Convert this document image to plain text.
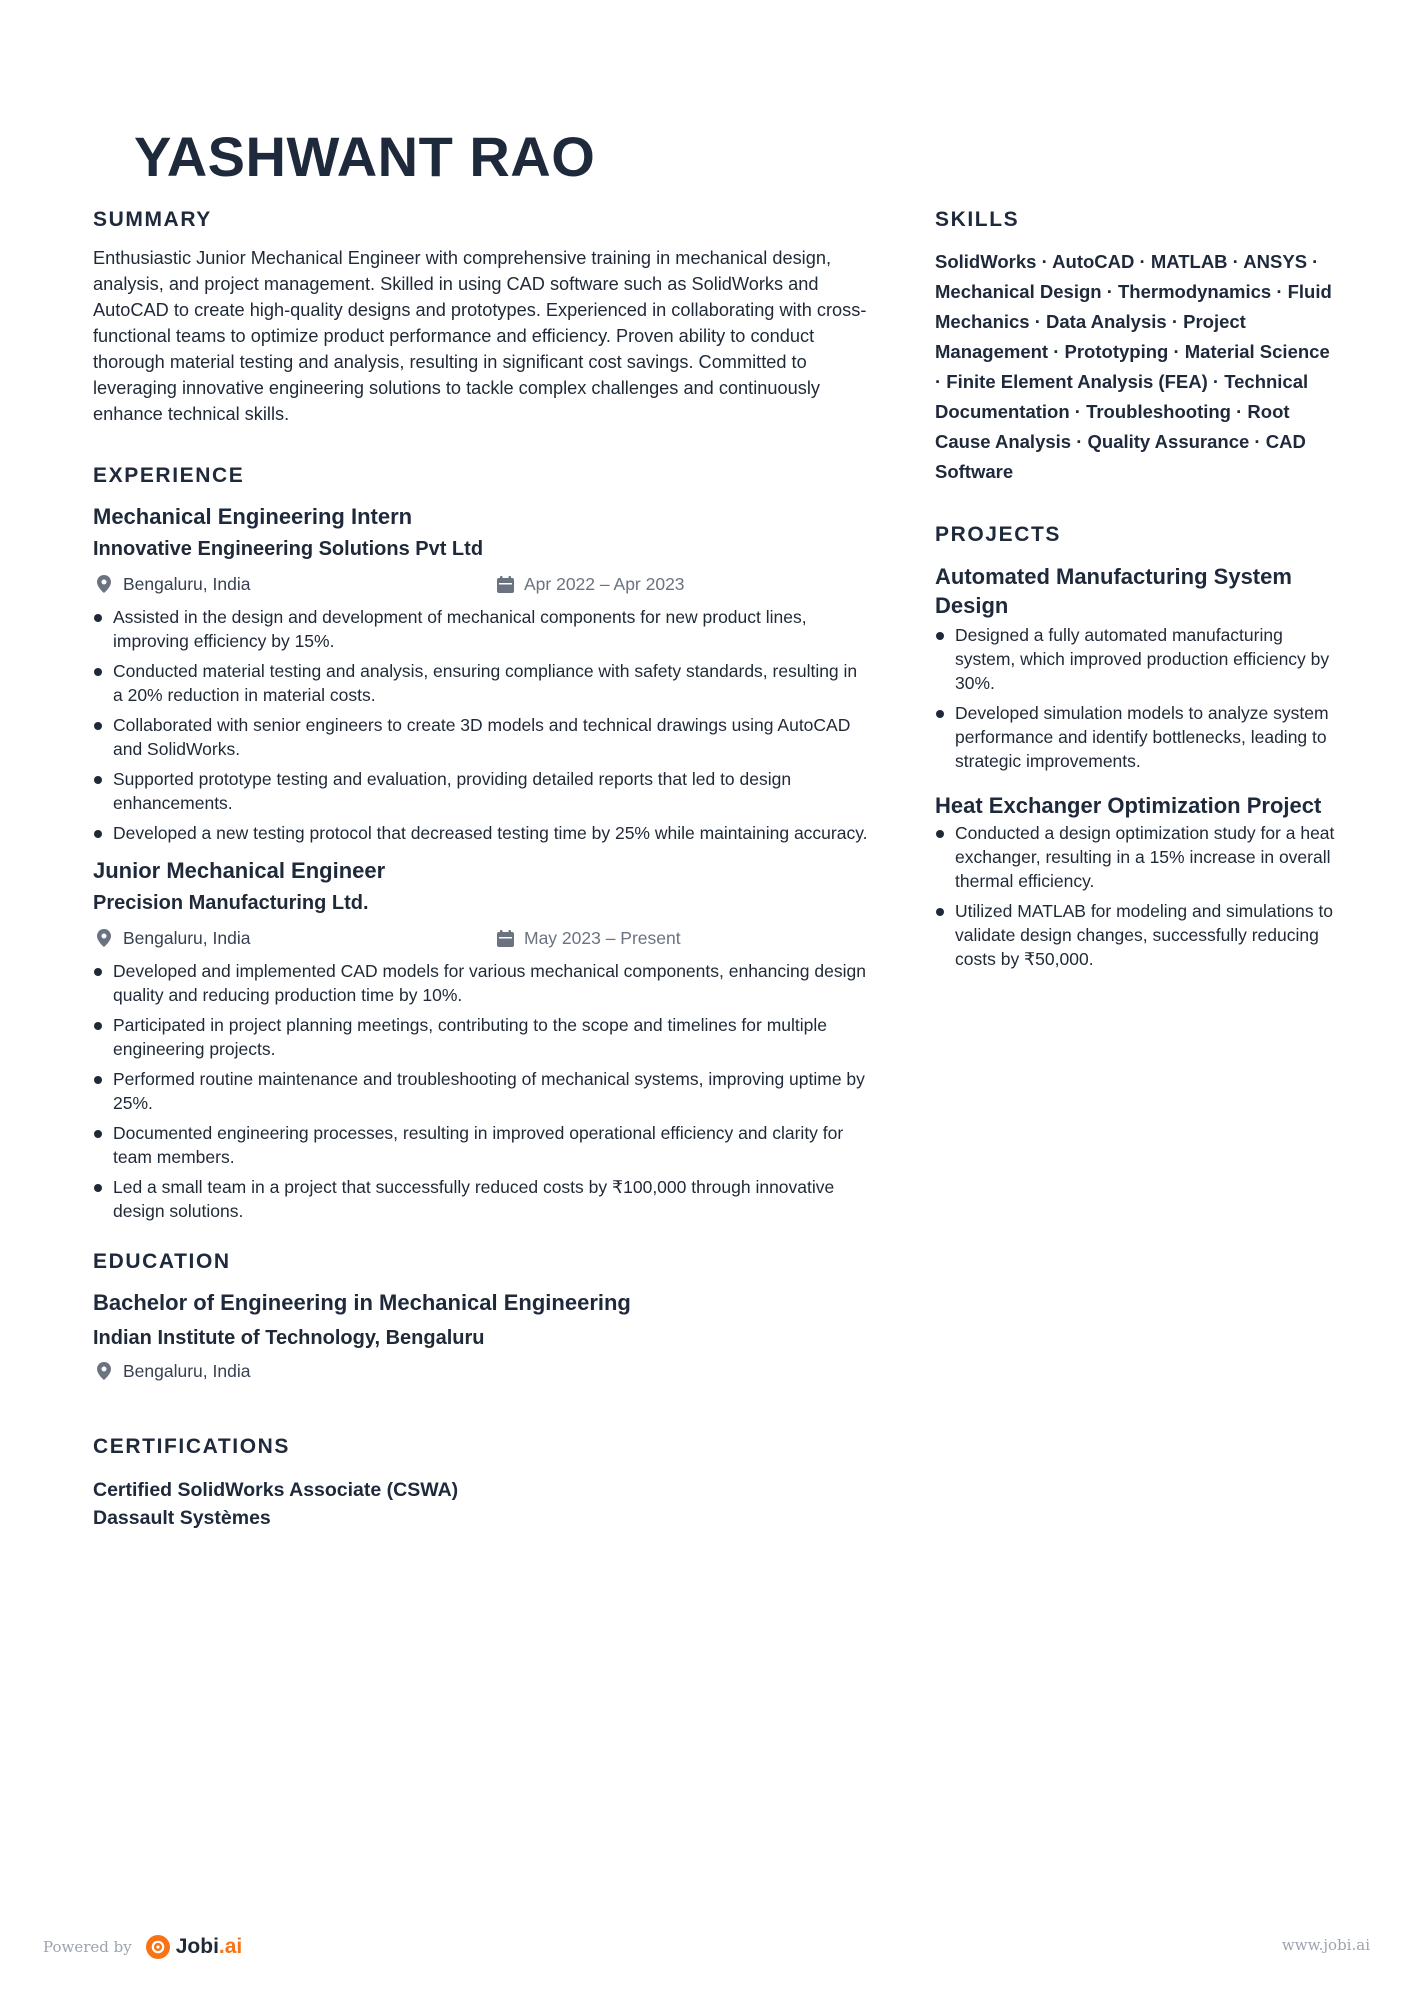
YASHWANT RAO
SUMMARY

Enthusiastic Junior Mechanical Engineer with comprehensive training in mechanical design, analysis, and project management. Skilled in using CAD software such as SolidWorks and AutoCAD to create high-quality designs and prototypes. Experienced in collaborating with cross-functional teams to optimize product performance and efficiency. Proven ability to conduct thorough material testing and analysis, resulting in significant cost savings. Committed to leveraging innovative engineering solutions to tackle complex challenges and continuously enhance technical skills.

EXPERIENCE
Mechanical Engineering Intern
Innovative Engineering Solutions Pvt Ltd
Bengaluru, India	Apr 2022 – Apr 2023
Assisted in the design and development of mechanical components for new product lines, improving efficiency by 15%.
Conducted material testing and analysis, ensuring compliance with safety standards, resulting in a 20% reduction in material costs.
Collaborated with senior engineers to create 3D models and technical drawings using AutoCAD and SolidWorks.
Supported prototype testing and evaluation, providing detailed reports that led to design enhancements.
Developed a new testing protocol that decreased testing time by 25% while maintaining accuracy.
Junior Mechanical Engineer
Precision Manufacturing Ltd.
Bengaluru, India	May 2023 – Present
Developed and implemented CAD models for various mechanical components, enhancing design quality and reducing production time by 10%.
Participated in project planning meetings, contributing to the scope and timelines for multiple engineering projects.
Performed routine maintenance and troubleshooting of mechanical systems, improving uptime by 25%.
Documented engineering processes, resulting in improved operational efficiency and clarity for team members.
Led a small team in a project that successfully reduced costs by ₹100,000 through innovative design solutions.
EDUCATION
Bachelor of Engineering in Mechanical Engineering
Indian Institute of Technology, Bengaluru
Bengaluru, India
CERTIFICATIONS
Certified SolidWorks Associate (CSWA)
Dassault Systèmes
SKILLS

SolidWorks · AutoCAD · MATLAB · ANSYS · Mechanical Design · Thermodynamics · Fluid Mechanics · Data Analysis · Project Management · Prototyping · Material Science · Finite Element Analysis (FEA) · Technical Documentation · Troubleshooting · Root Cause Analysis · Quality Assurance · CAD Software

PROJECTS
Automated Manufacturing System Design
Designed a fully automated manufacturing system, which improved production efficiency by 30%.
Developed simulation models to analyze system performance and identify bottlenecks, leading to strategic improvements.
Heat Exchanger Optimization Project
Conducted a design optimization study for a heat exchanger, resulting in a 15% increase in overall thermal efficiency.
Utilized MATLAB for modeling and simulations to validate design changes, successfully reducing costs by ₹50,000.
Powered by Jobi.ai	www.jobi.ai
